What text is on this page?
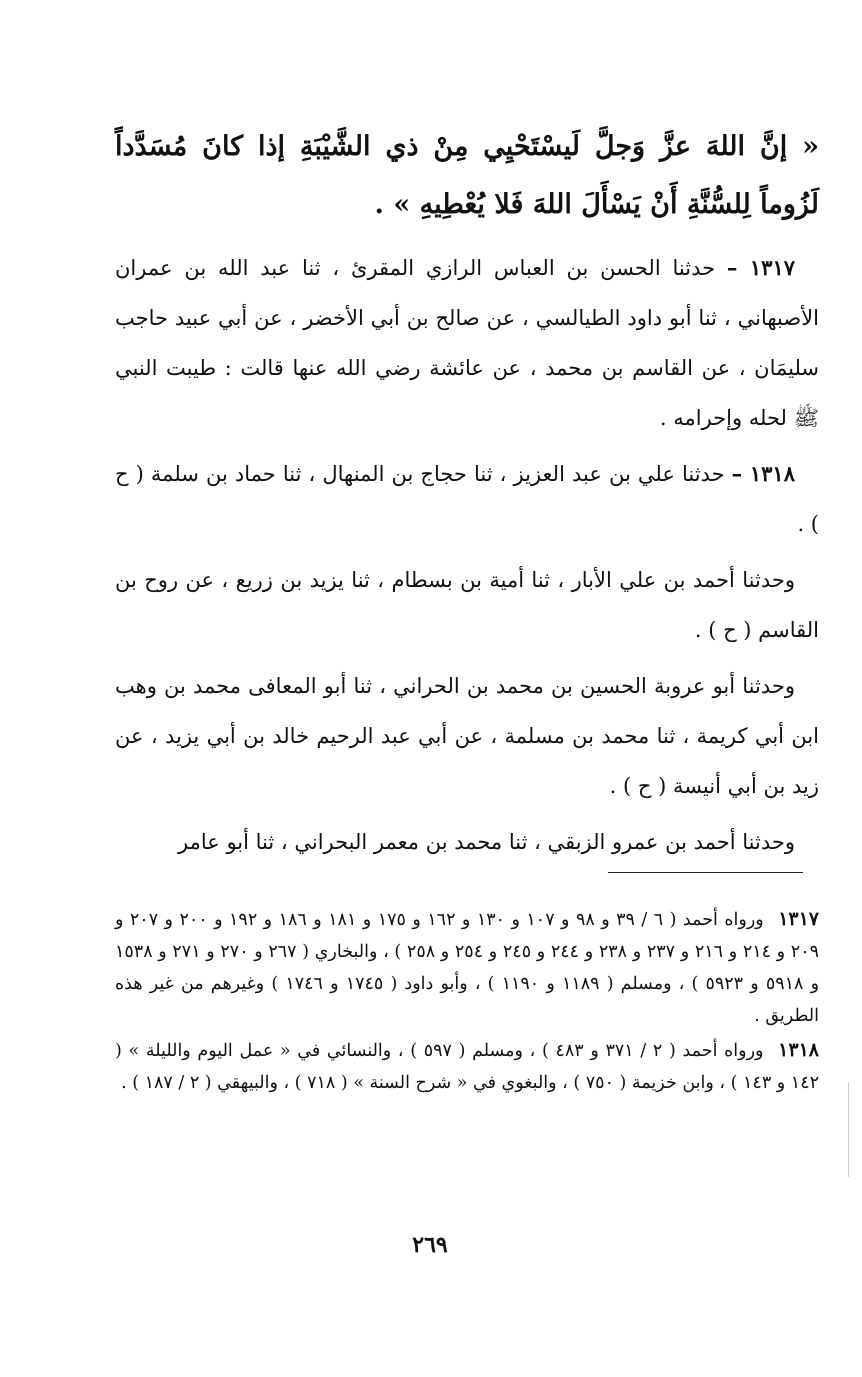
« إنَّ اللهَ عزَّ وَجلَّ لَيسْتَحْيِي مِنْ ذي الشَّيْبَةِ إذا كانَ مُسَدَّداً لَزُوماً لِلسُّنَّةِ أَنْ يَسْأَلَ اللهَ فَلا يُعْطِيهِ » .

١٣١٧ – حدثنا الحسن بن العباس الرازي المقرئ ، ثنا عبد الله بن عمران الأصبهاني ، ثنا أبو داود الطيالسي ، عن صالح بن أبي الأخضر ، عن أبي عبيد حاجب سليمَان ، عن القاسم بن محمد ، عن عائشة رضي الله عنها قالت : طيبت النبي ﷺ لحله وإحرامه .

١٣١٨ – حدثنا علي بن عبد العزيز ، ثنا حجاج بن المنهال ، ثنا حماد بن سلمة ( ح ) .

وحدثنا أحمد بن علي الأبار ، ثنا أمية بن بسطام ، ثنا يزيد بن زريع ، عن روح بن القاسم ( ح ) .

وحدثنا أبو عروبة الحسين بن محمد بن الحراني ، ثنا أبو المعافى محمد بن وهب ابن أبي كريمة ، ثنا محمد بن مسلمة ، عن أبي عبد الرحيم خالد بن أبي يزيد ، عن زيد بن أبي أنيسة ( ح ) .

وحدثنا أحمد بن عمرو الزبقي ، ثنا محمد بن معمر البحراني ، ثنا أبو عامر

١٣١٧ ورواه أحمد ( ٦ / ٣٩ و ٩٨ و ١٠٧ و ١٣٠ و ١٦٢ و ١٧٥ و ١٨١ و ١٨٦ و ١٩٢ و ٢٠٠ و ٢٠٧ و ٢٠٩ و ٢١٤ و ٢١٦ و ٢٣٧ و ٢٣٨ و ٢٤٤ و ٢٤٥ و ٢٥٤ و ٢٥٨ ) ، والبخاري ( ٢٦٧ و ٢٧٠ و ٢٧١ و ١٥٣٨ و ٥٩١٨ و ٥٩٢٣ ) ، ومسلم ( ١١٨٩ و ١١٩٠ ) ، وأبو داود ( ١٧٤٥ و ١٧٤٦ ) وغيرهم من غير هذه الطريق .

١٣١٨ ورواه أحمد ( ٢ / ٣٧١ و ٤٨٣ ) ، ومسلم ( ٥٩٧ ) ، والنسائي في « عمل اليوم والليلة » ( ١٤٢ و ١٤٣ ) ، وابن خزيمة ( ٧٥٠ ) ، والبغوي في « شرح السنة » ( ٧١٨ ) ، والبيهقي ( ٢ / ١٨٧ ) .

٢٦٩
